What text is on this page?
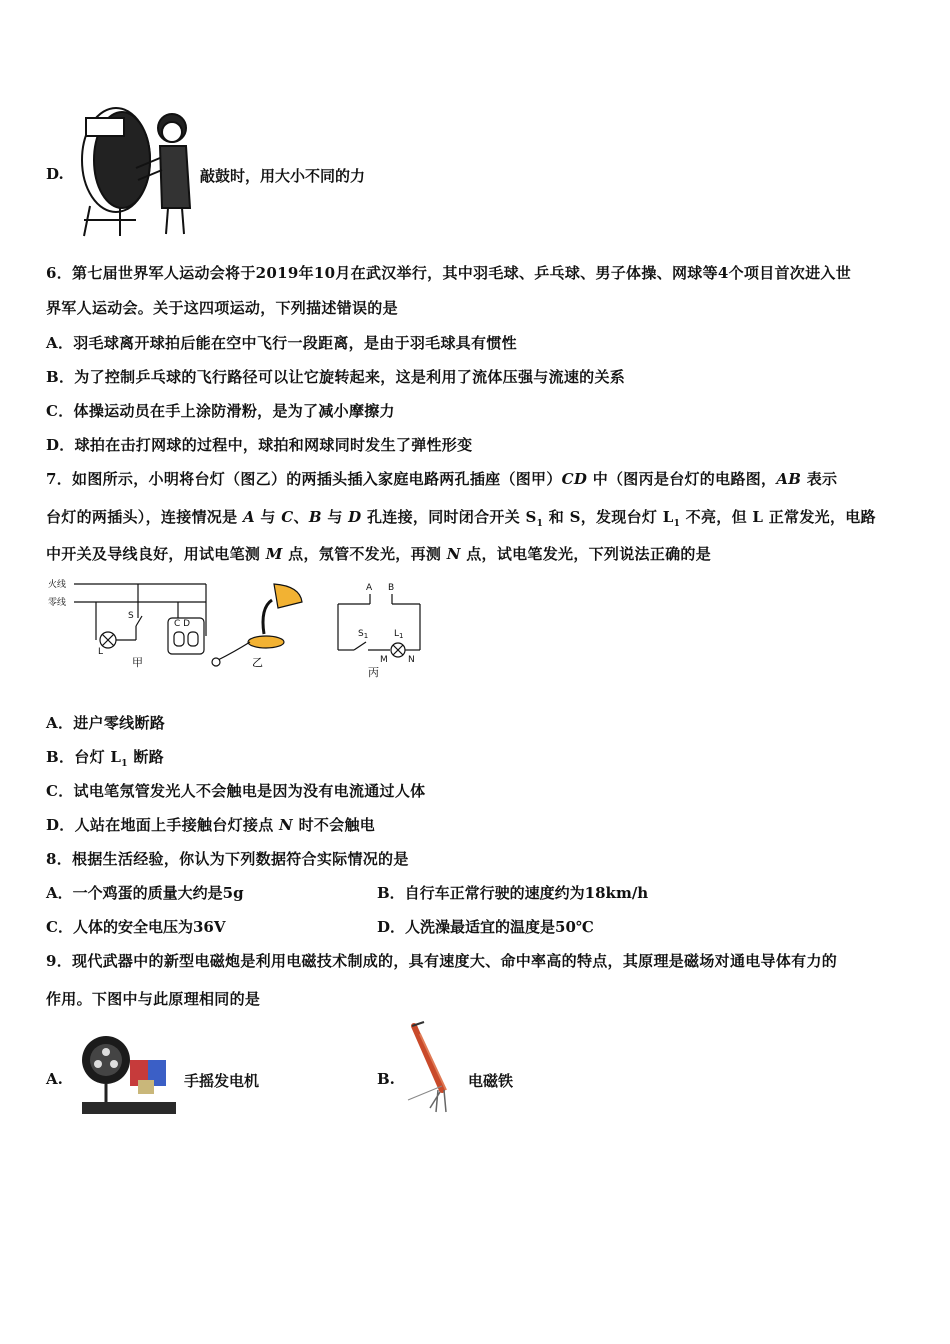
D.	敲鼓时，用大小不同的力
6．第七届世界军人运动会将于2019年10月在武汉举行，其中羽毛球、乒乓球、男子体操、网球等4个项目首次进入世
界军人运动会。关于这四项运动，下列描述错误的是
A．羽毛球离开球拍后能在空中飞行一段距离，是由于羽毛球具有惯性
B．为了控制乒乓球的飞行路径可以让它旋转起来，这是利用了流体压强与流速的关系
C．体操运动员在手上涂防滑粉，是为了减小摩擦力
D．球拍在击打网球的过程中，球拍和网球同时发生了弹性形变
7．如图所示，小明将台灯（图乙）的两插头插入家庭电路两孔插座（图甲）CD 中（图丙是台灯的电路图，AB 表示
台灯的两插头），连接情况是 A 与 C、B 与 D 孔连接，同时闭合开关 $S_1$ 和 S，发现台灯 $L_1$ 不亮，但 L 正常发光，电路
中开关及导线良好，用试电笔测 M 点，氖管不发光，再测 N 点，试电笔发光，下列说法正确的是
火线
零线
L
S
C D
甲	乙
A B
$S_1$	$L_1$
M N
丙
A．进户零线断路
B．台灯 $L_1$ 断路
C．试电笔氖管发光人不会触电是因为没有电流通过人体
D．人站在地面上手接触台灯接点 N 时不会触电
8．根据生活经验，你认为下列数据符合实际情况的是
A．一个鸡蛋的质量大约是5g	B．自行车正常行驶的速度约为18km/h
C．人体的安全电压为36V	D．人洗澡最适宜的温度是50℃
9．现代武器中的新型电磁炮是利用电磁技术制成的，具有速度大、命中率高的特点，其原理是磁场对通电导体有力的
作用。下图中与此原理相同的是
A.	手摇发电机	B.	电磁铁
